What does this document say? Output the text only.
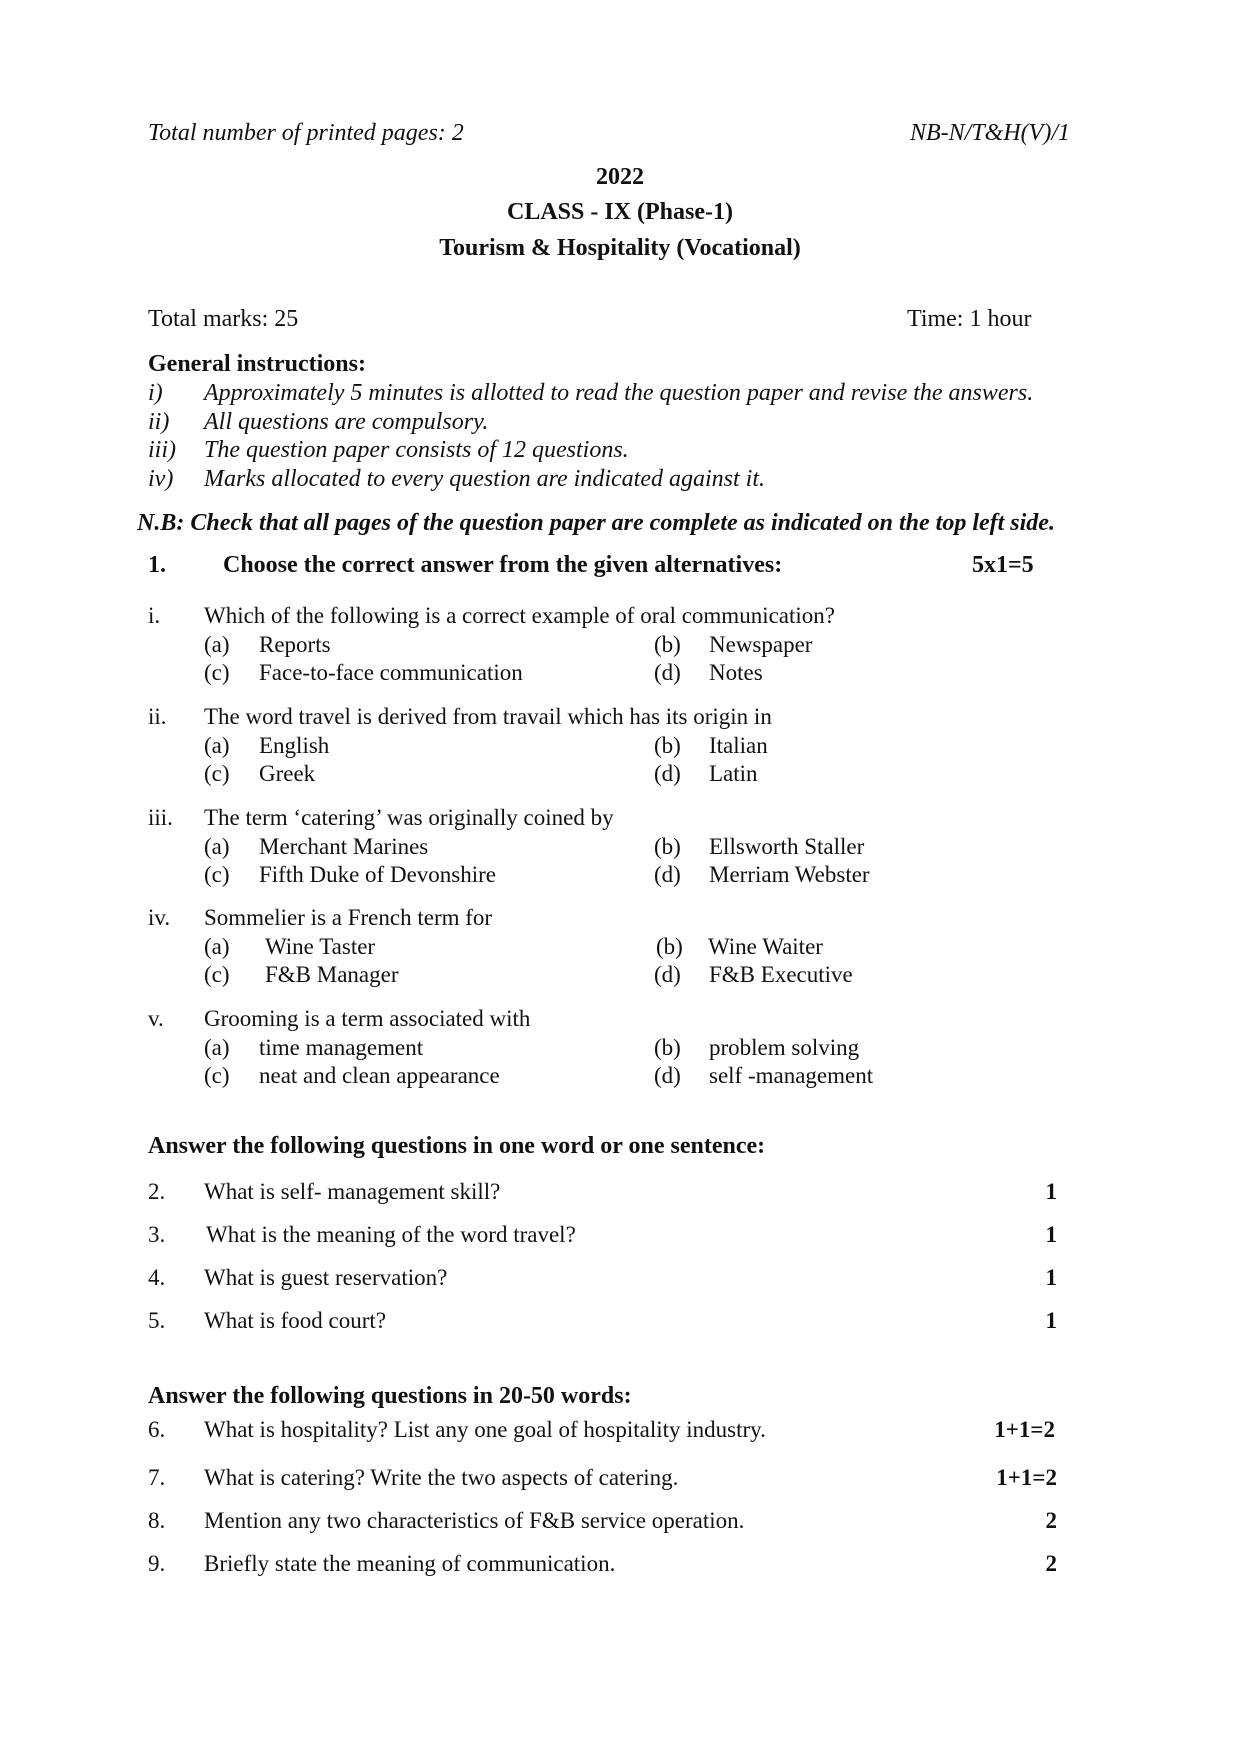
Total number of printed pages: 2	NB-N/T&H(V)/1
2022
CLASS - IX (Phase-1)
Tourism & Hospitality (Vocational)
Total marks: 25	Time: 1 hour
General instructions:
i) Approximately 5 minutes is allotted to read the question paper and revise the answers.
ii) All questions are compulsory.
iii) The question paper consists of 12 questions.
iv) Marks allocated to every question are indicated against it.
N.B: Check that all pages of the question paper are complete as indicated on the top left side.
1. Choose the correct answer from the given alternatives:	5x1=5
i. Which of the following is a correct example of oral communication?
(a) Reports	(b) Newspaper
(c) Face-to-face communication	(d) Notes
ii. The word travel is derived from travail which has its origin in
(a) English	(b) Italian
(c) Greek	(d) Latin
iii. The term ‘catering’ was originally coined by
(a) Merchant Marines	(b) Ellsworth Staller
(c) Fifth Duke of Devonshire	(d) Merriam Webster
iv. Sommelier is a French term for
(a) Wine Taster	(b) Wine Waiter
(c) F&B Manager	(d) F&B Executive
v. Grooming is a term associated with
(a) time management	(b) problem solving
(c) neat and clean appearance	(d) self -management
Answer the following questions in one word or one sentence:
2. What is self- management skill?	1
3. What is the meaning of the word travel?	1
4. What is guest reservation?	1
5. What is food court?	1
Answer the following questions in 20-50 words:
6. What is hospitality? List any one goal of hospitality industry.	1+1=2
7. What is catering? Write the two aspects of catering.	1+1=2
8. Mention any two characteristics of F&B service operation.	2
9. Briefly state the meaning of communication.	2
